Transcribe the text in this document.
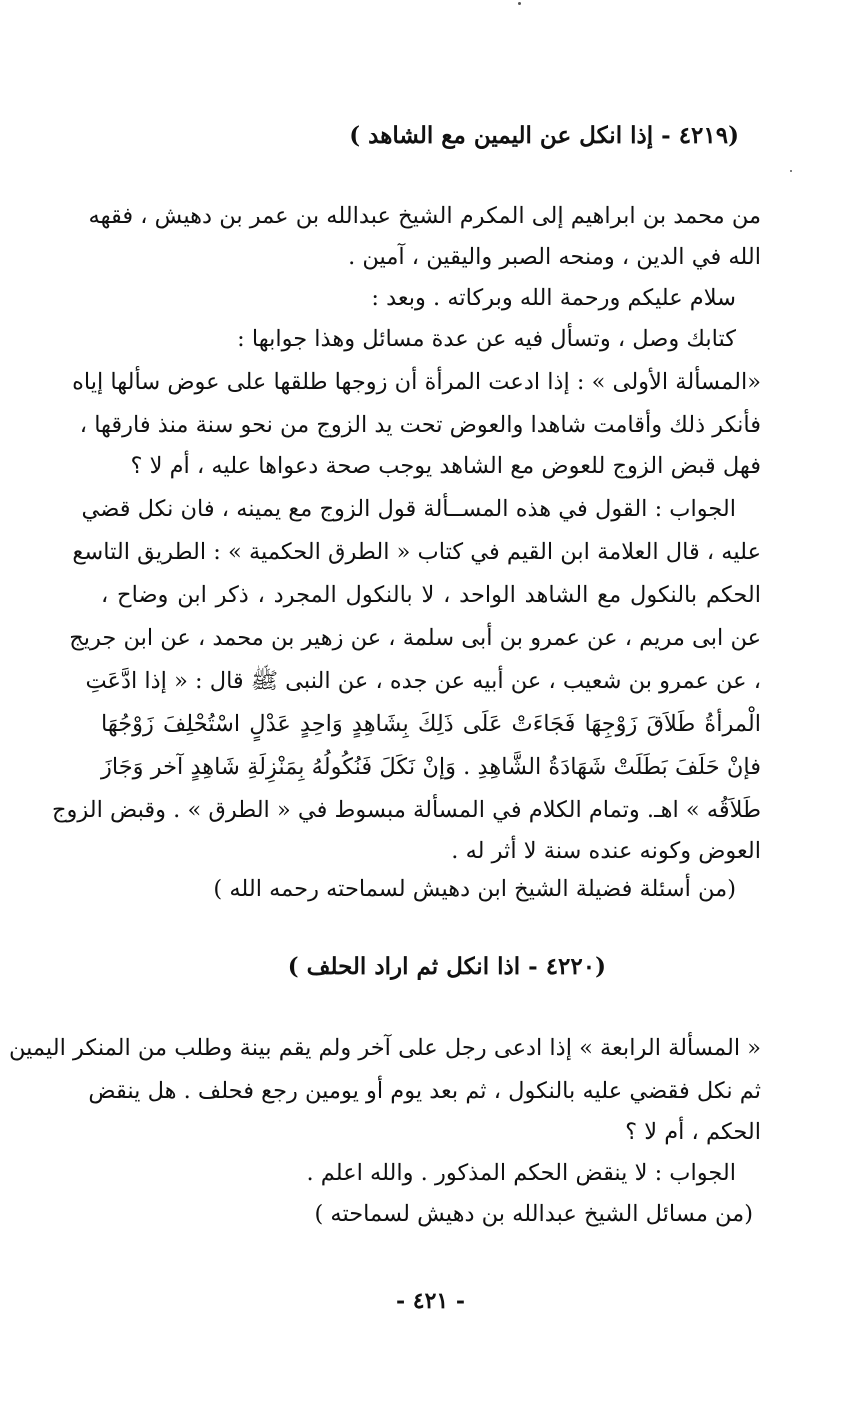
(٤٢١٩ - إذا انكل عن اليمين مع الشاهد )
من محمد بن ابراهيم إلى المكرم الشيخ عبدالله بن عمر بن دهيش ، فقهه
الله في الدين ، ومنحه الصبر واليقين ، آمين .
سلام عليكم ورحمة الله وبركاته . وبعد :
كتابك وصل ، وتسأل فيه عن عدة مسائل وهذا جوابها :
«المسألة الأولى » : إذا ادعت المرأة أن زوجها طلقها على عوض سألها إياه
فأنكر ذلك وأقامت شاهدا والعوض تحت يد الزوج من نحو سنة منذ فارقها ،
فهل قبض الزوج للعوض مع الشاهد يوجب صحة دعواها عليه ، أم لا ؟
الجواب : القول في هذه المســألة قول الزوج مع يمينه ، فان نكل قضي
عليه ، قال العلامة ابن القيم في كتاب « الطرق الحكمية » : الطريق التاسع
الحكم بالنكول مع الشاهد الواحد ، لا بالنكول المجرد ، ذكر ابن وضاح ،
عن ابى مريم ، عن عمرو بن أبى سلمة ، عن زهير بن محمد ، عن ابن جريج
، عن عمرو بن شعيب ، عن أبيه عن جده ، عن النبى ﷺ قال : « إذا ادَّعَتِ
الْمرأةُ طَلاَقَ زَوْجِهَا فَجَاءَتْ عَلَى ذَلِكَ بِشَاهِدٍ وَاحِدٍ عَدْلٍ اسْتُحْلِفَ زَوْجُهَا
فإنْ حَلَفَ بَطَلَتْ شَهَادَةُ الشَّاهِدِ . وَإنْ نَكَلَ فَنُكُولُهُ بِمَنْزِلَةِ شَاهِدٍ آخر وَجَازَ
طَلاَقُه » اهـ. وتمام الكلام في المسألة مبسوط في « الطرق » . وقبض الزوج
العوض وكونه عنده سنة لا أثر له .
(من أسئلة فضيلة الشيخ ابن دهيش لسماحته رحمه الله )
(٤٢٢٠ - اذا انكل ثم اراد الحلف )
« المسألة الرابعة » إذا ادعى رجل على آخر ولم يقم بينة وطلب من المنكر اليمين
ثم نكل فقضي عليه بالنكول ، ثم بعد يوم أو يومين رجع فحلف . هل ينقض
الحكم ، أم لا ؟
الجواب : لا ينقض الحكم المذكور . والله اعلم .
(من مسائل الشيخ عبدالله بن دهيش لسماحته )
- ٤٢١ -
